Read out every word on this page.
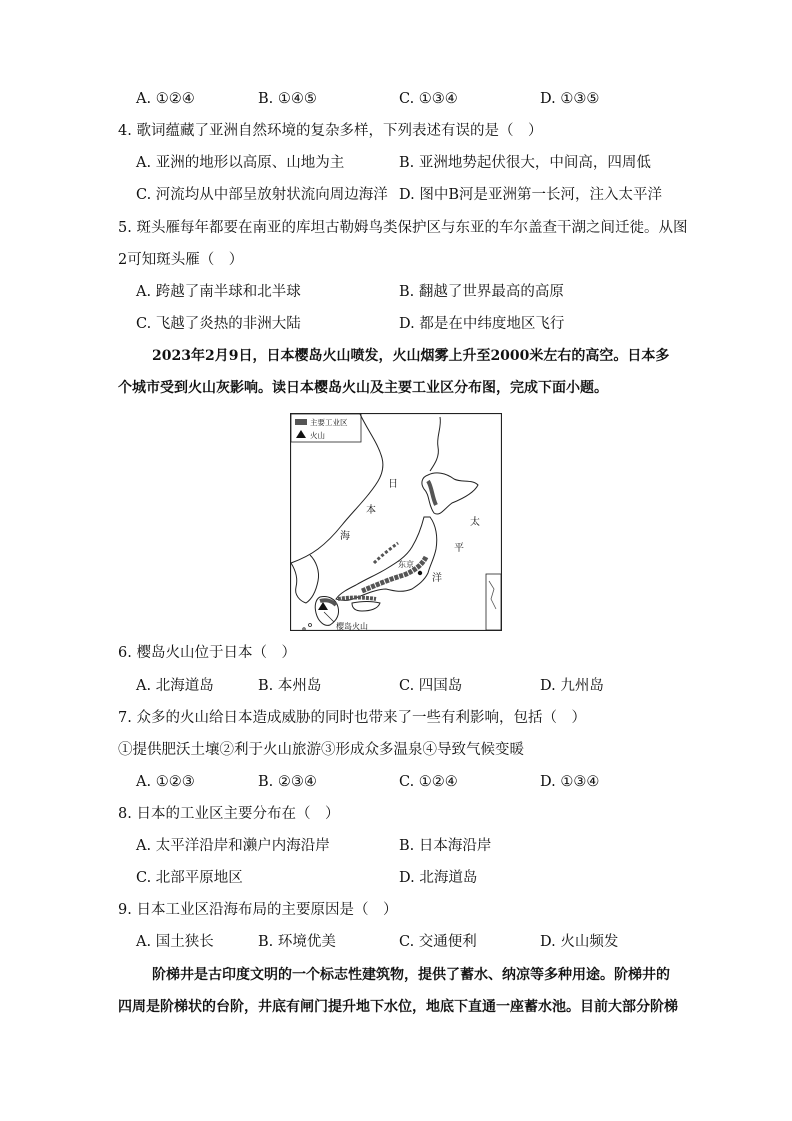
A. ①②④	B. ①④⑤	C. ①③④	D. ①③⑤
4. 歌词蕴藏了亚洲自然环境的复杂多样，下列表述有误的是（　）
A. 亚洲的地形以高原、山地为主	B. 亚洲地势起伏很大，中间高，四周低
C. 河流均从中部呈放射状流向周边海洋 D. 图中B河是亚洲第一长河，注入太平洋
5. 斑头雁每年都要在南亚的库坦古勒姆鸟类保护区与东亚的车尔盖查干湖之间迁徙。从图
2可知斑头雁（　）
A. 跨越了南半球和北半球	B. 翻越了世界最高的高原
C. 飞越了炎热的非洲大陆	D. 都是在中纬度地区飞行
2023年2月9日，日本樱岛火山喷发，火山烟雾上升至2000米左右的高空。日本多
个城市受到火山灰影响。读日本樱岛火山及主要工业区分布图，完成下面小题。
主要工业区
火山
东京
日
本
海
太
平
洋
樱岛火山
6. 樱岛火山位于日本（　）
A. 北海道岛	B. 本州岛	C. 四国岛	D. 九州岛
7. 众多的火山给日本造成威胁的同时也带来了一些有利影响，包括（　）
①提供肥沃土壤②利于火山旅游③形成众多温泉④导致气候变暖
A. ①②③	B. ②③④	C. ①②④	D. ①③④
8. 日本的工业区主要分布在（　）
A. 太平洋沿岸和濑户内海沿岸	B. 日本海沿岸
C. 北部平原地区	D. 北海道岛
9. 日本工业区沿海布局的主要原因是（　）
A. 国土狭长	B. 环境优美	C. 交通便利	D. 火山频发
阶梯井是古印度文明的一个标志性建筑物，提供了蓄水、纳凉等多种用途。阶梯井的
四周是阶梯状的台阶，井底有闸门提升地下水位，地底下直通一座蓄水池。目前大部分阶梯
